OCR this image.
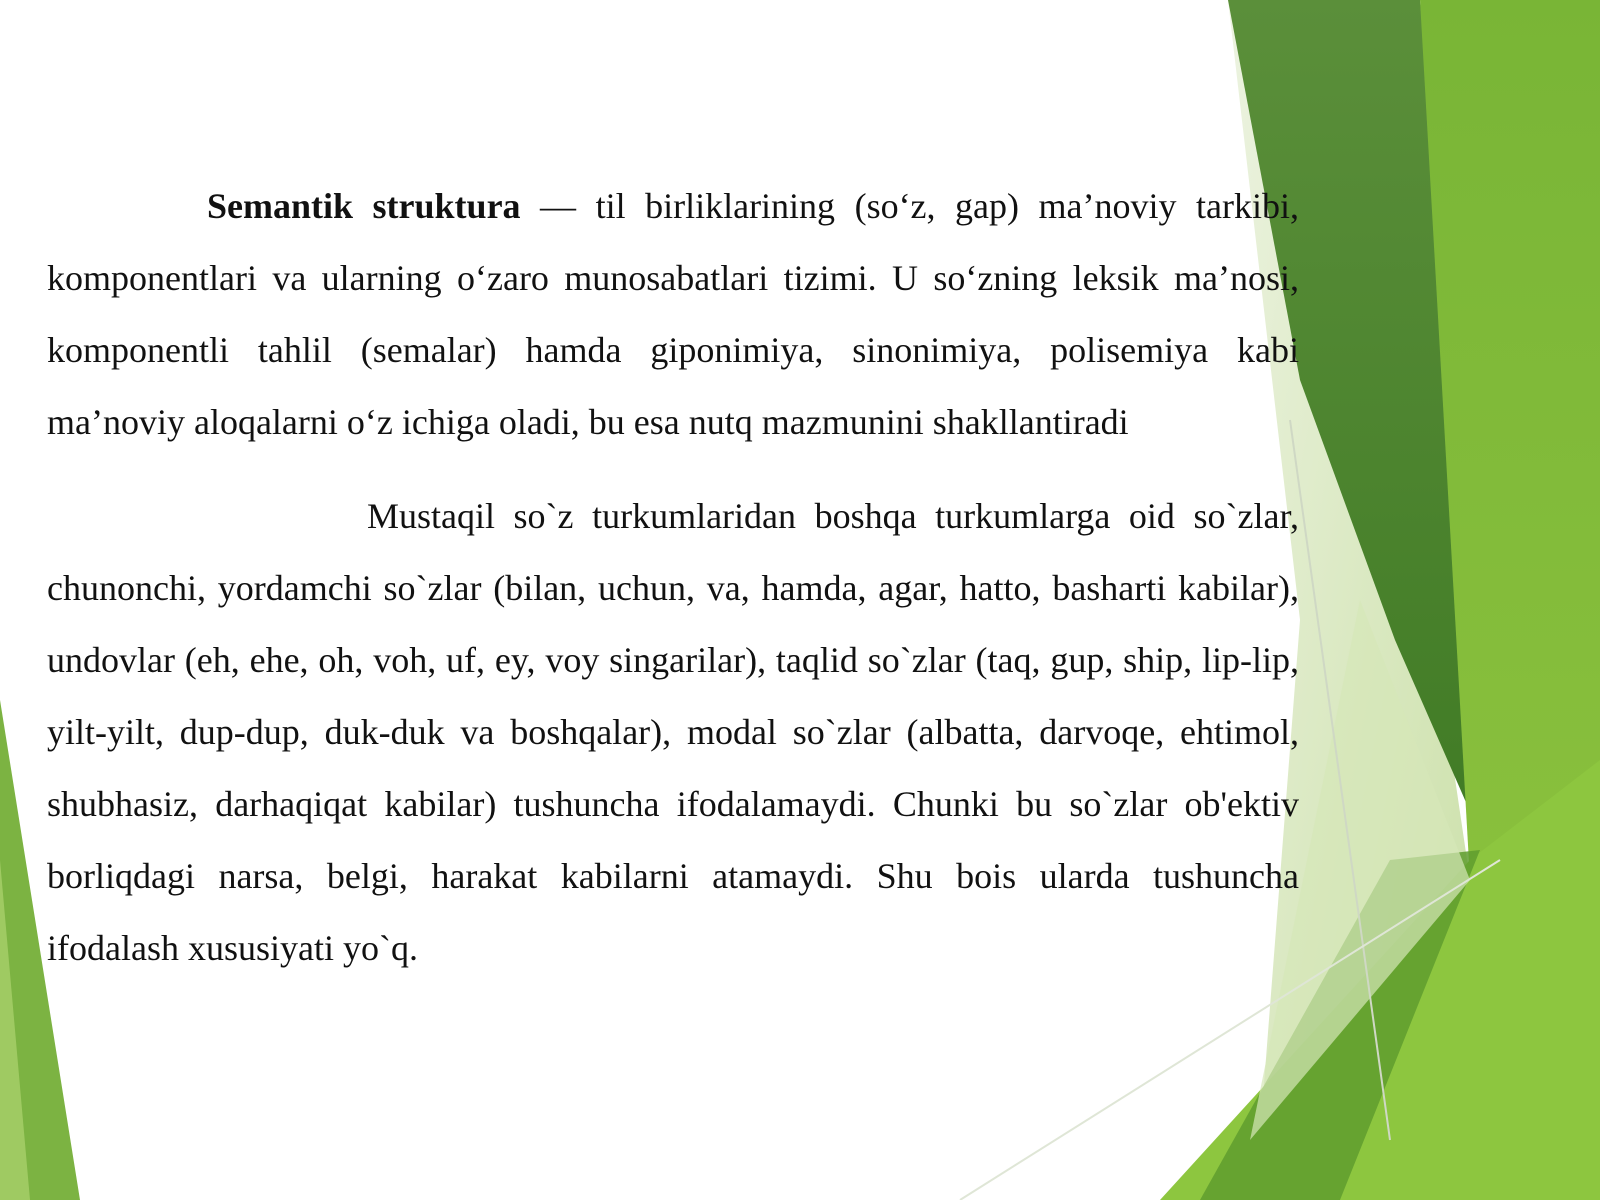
Semantik struktura — til birliklarining (so‘z, gap) ma’noviy tarkibi, komponentlari va ularning o‘zaro munosabatlari tizimi. U so‘zning leksik ma’nosi, komponentli tahlil (semalar) hamda giponimiya, sinonimiya, polisemiya kabi ma’noviy aloqalarni o‘z ichiga oladi, bu esa nutq mazmunini shakllantiradi

Mustaqil so`z turkumlaridan boshqa turkumlarga oid so`zlar, chunonchi, yordamchi so`zlar (bilan, uchun, va, hamda, agar, hatto, basharti kabilar), undovlar (eh, ehe, oh, voh, uf, ey, voy singarilar), taqlid so`zlar (taq, gup, ship, lip-lip, yilt-yilt, dup-dup, duk-duk va boshqalar), modal so`zlar (albatta, darvoqe, ehtimol, shubhasiz, darhaqiqat kabilar) tushuncha ifodalamaydi. Chunki bu so`zlar ob'ektiv borliqdagi narsa, belgi, harakat kabilarni atamaydi. Shu bois ularda tushuncha ifodalash xususiyati yo`q.
